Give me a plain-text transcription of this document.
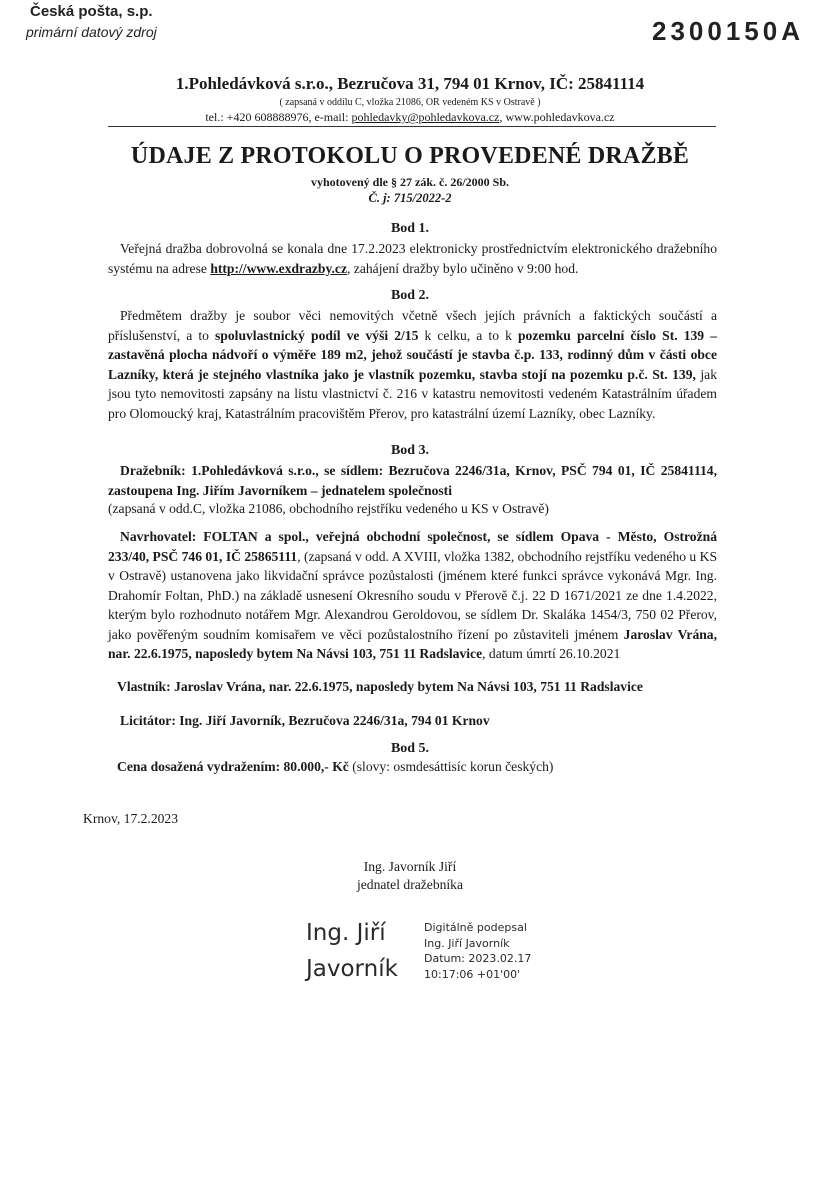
Česká pošta, s.p.
primární datový zdroj	2300150A
1.Pohledávková s.r.o., Bezručova 31, 794 01 Krnov, IČ: 25841114
( zapsaná v oddílu C, vložka 21086, OR vedeném KS v Ostravě )
tel.: +420 608888976, e-mail: pohledavky@pohledavkova.cz, www.pohledavkova.cz
ÚDAJE Z PROTOKOLU O PROVEDENÉ DRAŽBĚ
vyhotovený dle § 27 zák. č. 26/2000 Sb.
Č. j: 715/2022-2
Bod 1.
Veřejná dražba dobrovolná se konala dne 17.2.2023 elektronicky prostřednictvím elektronického dražebního systému na adrese http://www.exdrazby.cz, zahájení dražby bylo učiněno v 9:00 hod.
Bod 2.
Předmětem dražby je soubor věci nemovitých včetně všech jejích právních a faktických součástí a příslušenství, a to spoluvlastnický podíl ve výši 2/15 k celku, a to k pozemku parcelní číslo St. 139 – zastavěná plocha nádvoří o výměře 189 m2, jehož součástí je stavba č.p. 133, rodinný dům v části obce Lazníky, která je stejného vlastníka jako je vlastník pozemku, stavba stojí na pozemku p.č. St. 139, jak jsou tyto nemovitosti zapsány na listu vlastnictví č. 216 v katastru nemovitosti vedeném Katastrálním úřadem pro Olomoucký kraj, Katastrálním pracovištěm Přerov, pro katastrální území Lazníky, obec Lazníky.
Bod 3.
Dražebník: 1.Pohledávková s.r.o., se sídlem: Bezručova 2246/31a, Krnov, PSČ 794 01, IČ 25841114, zastoupena Ing. Jiřím Javorníkem – jednatelem společnosti
(zapsaná v odd.C, vložka 21086, obchodního rejstříku vedeného u KS v Ostravě)
Navrhovatel: FOLTAN a spol., veřejná obchodní společnost, se sídlem Opava - Město, Ostrožná 233/40, PSČ 746 01, IČ 25865111, (zapsaná v odd. A XVIII, vložka 1382, obchodního rejstříku vedeného u KS v Ostravě) ustanovena jako likvidační správce pozůstalosti (jménem které funkci správce vykonává Mgr. Ing. Drahomír Foltan, PhD.) na základě usnesení Okresního soudu v Přerově č.j. 22 D 1671/2021 ze dne 1.4.2022, kterým bylo rozhodnuto notářem Mgr. Alexandrou Geroldovou, se sídlem Dr. Skaláka 1454/3, 750 02 Přerov, jako pověřeným soudním komisařem ve věci pozůstalostního řízení po zůstaviteli jménem Jaroslav Vrána, nar. 22.6.1975, naposledy bytem Na Návsi 103, 751 11 Radslavice, datum úmrtí 26.10.2021
Vlastník: Jaroslav Vrána, nar. 22.6.1975, naposledy bytem Na Návsi 103, 751 11 Radslavice
Licitátor: Ing. Jiří Javorník, Bezručova 2246/31a, 794 01 Krnov
Bod 5.
Cena dosažená vydražením: 80.000,- Kč (slovy: osmdesáttisíc korun českých)
Krnov, 17.2.2023
Ing. Javorník Jiří
jednatel dražebníka
Ing. Jiří
Javorník
Digitálně podepsal
Ing. Jiří Javorník
Datum: 2023.02.17
10:17:06 +01'00'
